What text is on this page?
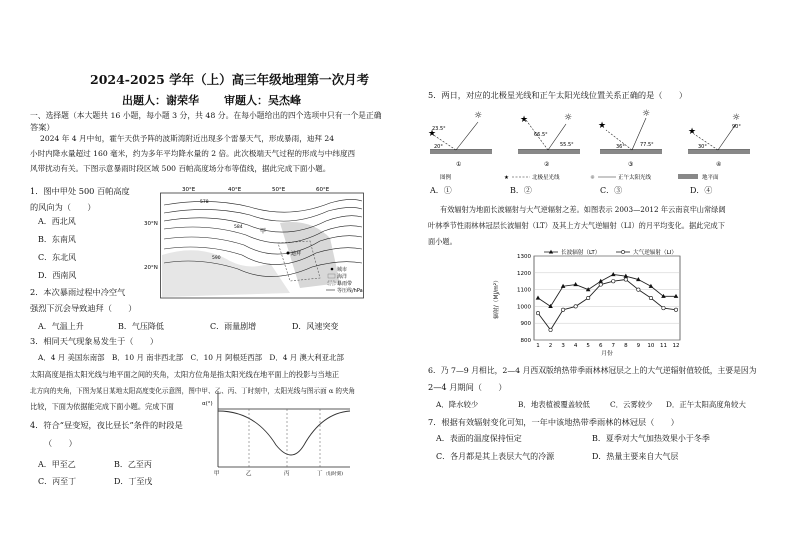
2024-2025 学年（上）高三年级地理第一次月考
出题人：谢荣华 审题人：吴杰峰
一、选择题（本大题共 16 小题，每小题 3 分，共 48 分。在每小题给出的四个选项中只有一个是正确
答案）
2024 年 4 月中旬，霍午天供予阵的波斯湾附近出现多个雷暴天气，形成暴雨，迪拜 24
小时内降水量超过 160 毫米，约为多年平均降水量的 2 倍。此次极端天气过程的形成与中纬度西
风带扰动有关。下图示意暴雨时段区域 500 百帕高度场分布等值线，据此完成下面小题。
1．图中甲处 500 百帕高度
的风向为（　　）
A．西北风
B．东南风
C．东北风
D．西南风
2．本次暴雨过程中冷空气
强烈下沉会导致迪拜（　　）
A．气温上升	B．气压降低	C．雨量剧增	D．风速突变
3．相同天气现象易发生于（　　）
A．4 月 美国东南部　B．10 月 南非西北部　C．10 月 阿根廷西部　D．4 月 澳大利亚北部
太阳高度是指太阳光线与地平面之间的夹角，太阳方位角是指太阳光线在地平面上的投影与当地正
北方向的夹角，下图为某日某地太阳高度变化示意图，图中甲、乙、丙、丁时刻中，太阳光线与图示面 α 的夹角
比较，下面为依据能完成下面小题。完成下面
4．符合“昼变短，夜比昼长”条件的时段是
（　　）
A．甲至乙	B．乙至丙
C．丙至丁	D．丁至戊
30°E	40°E	50°E	60°E
30°N
20°N
578
584
590
甲
迪拜
城市
海洋
暴雨带
等压线/hPa
α(°)
甲	乙	丙	丁 戊(时刻)
5．两日，对应的北极星光线和正午太阳光线位置关系正确的是（　　）
★
☼
23.5°
20°
★	☼
66.5°
55.5°
★
☼
36°	77.5°
★
☼
30°
90°
①	②	③	④
图例	★	北极星光线	☼	正午太阳光线	地平面
A．①	B．②	C．③	D．④
有效辐射为地面长波辐射与大气逆辐射之差。如图表示 2003—2012 年云南哀牢山常绿阔
叶林季节性雨林林冠层长波辐射（LT）及其上方大气逆辐射（LI）的月平均变化。据此完成下
面小题。
800
900
1000
1100
1200
1300
1 2 3 4 5 6 7 8 9 10 11 12
月份
辐射/（MJ/m²）
长波辐射（LT）	大气逆辐射（LI）
6．乃 7—9 月相比，2—4 月西双版纳热带季雨林林冠层之上的大气逆辐射值较低，主要是因为
2—4 月期间（　　）
A．降水较少	B．地表植被覆盖较低	C．云雾较少 D．正午太阳高度角较大
7．根据有效辐射变化可知，一年中该地热带季雨林的林冠层（　　）
A．表面的温度保持恒定	B．夏季对大气加热效果小于冬季
C．各月都是其上表层大气的冷源	D．热量主要来自大气层
